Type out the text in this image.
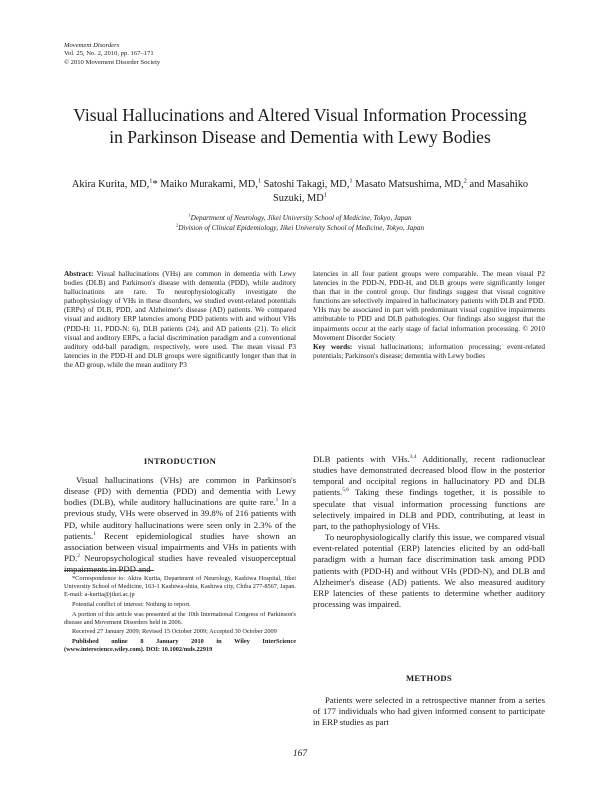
Movement Disorders
Vol. 25, No. 2, 2010, pp. 167–171
© 2010 Movement Disorder Society
Visual Hallucinations and Altered Visual Information Processing
in Parkinson Disease and Dementia with Lewy Bodies
Akira Kurita, MD,$^1$* Maiko Murakami, MD,$^1$ Satoshi Takagi, MD,$^1$ Masato Matsushima, MD,$^2$ and Masahiko Suzuki, $MD^1$
$^1$Department of Neurology, Jikei University School of Medicine, Tokyo, Japan
$^2$Division of Clinical Epidemiology, Jikei University School of Medicine, Tokyo, Japan
Abstract: Visual hallucinations (VHs) are common in dementia with Lewy bodies (DLB) and Parkinson's disease with dementia (PDD), while auditory hallucinations are rare. To neurophysiologically investigate the pathophysiology of VHs in these disorders, we studied event-related potentials (ERPs) of DLB, PDD, and Alzheimer's disease (AD) patients. We compared visual and auditory ERP latencies among PDD patients with and without VHs (PDD-H: 11, PDD-N: 6), DLB patients (24), and AD patients (21). To elicit visual and auditory ERPs, a facial discrimination paradigm and a conventional auditory odd-ball paradigm, respectively, were used. The mean visual P3 latencies in the PDD-H and DLB groups were significantly longer than that in the AD group, while the mean auditory P3
latencies in all four patient groups were comparable. The mean visual P2 latencies in the PDD-N, PDD-H, and DLB groups were significantly longer than that in the control group. Our findings suggest that visual cognitive functions are selectively impaired in hallucinatory patients with DLB and PDD. VHs may be associated in part with predominant visual cognitive impairments attributable to PDD and DLB pathologies. Our findings also suggest that the impairments occur at the early stage of facial information processing. © 2010 Movement Disorder Society
Key words: visual hallucinations; information processing; event-related potentials; Parkinson's disease; dementia with Lewy bodies
INTRODUCTION

Visual hallucinations (VHs) are common in Parkinson's disease (PD) with dementia (PDD) and dementia with Lewy bodies (DLB), while auditory hallucinations are quite rare.$^1$ In a previous study, VHs were observed in 39.8% of 216 patients with PD, while auditory hallucinations were seen only in 2.3% of the patients.$^1$ Recent epidemiological studies have shown an association between visual impairments and VHs in patients with PD.$^2$ Neuropsychological studies have revealed visuoperceptual impairments in PDD and

*Correspondence to: Akira Kurita, Department of Neurology, Kashiwa Hospital, Jikei University School of Medicine, 163-1 Kashiwa-shita, Kashiwa city, Chiba 277-8567, Japan.
E-mail: a-kurita@jikei.ac.jp

Potential conflict of interest: Nothing to report.

A portion of this article was presented at the 10th International Congress of Parkinson's disease and Movement Disorders held in 2006.

Received 27 January 2009; Revised 15 October 2009; Accepted 30 October 2009

Published online 8 January 2010 in Wiley InterScience (www.interscience.wiley.com). DOI: 10.1002/mds.22919

DLB patients with VHs.$^{3,4}$ Additionally, recent radionuclear studies have demonstrated decreased blood flow in the posterior temporal and occipital regions in hallucinatory PD and DLB patients.$^{5,6}$ Taking these findings together, it is possible to speculate that visual information processing functions are selectively impaired in DLB and PDD, contributing, at least in part, to the pathophysiology of VHs.

To neurophysiologically clarify this issue, we compared visual event-related potential (ERP) latencies elicited by an odd-ball paradigm with a human face discrimination task among PDD patients with (PDD-H) and without VHs (PDD-N), and DLB and Alzheimer's disease (AD) patients. We also measured auditory ERP latencies of these patients to determine whether auditory processing was impaired.

METHODS

Patients were selected in a retrospective manner from a series of 177 individuals who had given informed consent to participate in ERP studies as part

167
